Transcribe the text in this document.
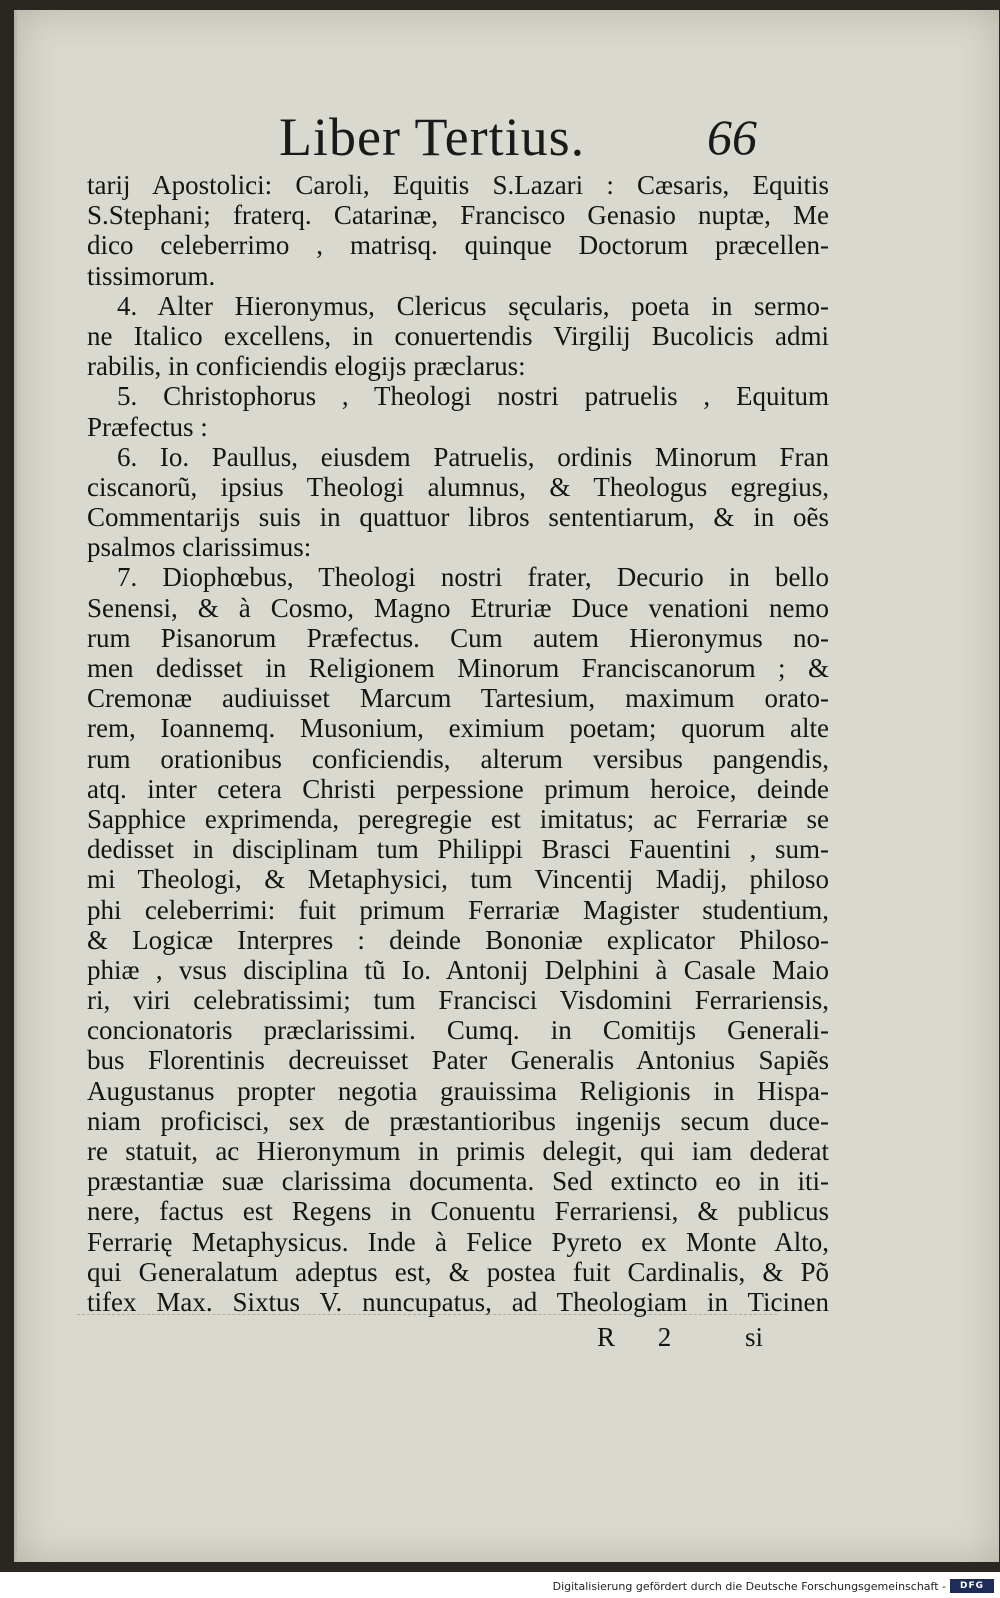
Liber Tertius. 66
tarij Apostolici: Caroli, Equitis S.Lazari : Cæsaris, Equitis
S.Stephani; fraterq. Catarinæ, Francisco Genasio nuptæ, Me
dico celeberrimo , matrisq. quinque Doctorum præcellen-
tissimorum.
4. Alter Hieronymus, Clericus sęcularis, poeta in sermo-
ne Italico excellens, in conuertendis Virgilij Bucolicis admi
rabilis, in conficiendis elogijs præclarus:
5. Christophorus , Theologi nostri patruelis , Equitum
Præfectus :
6. Io. Paullus, eiusdem Patruelis, ordinis Minorum Fran
ciscanorũ, ipsius Theologi alumnus, & Theologus egregius,
Commentarijs suis in quattuor libros sententiarum, & in oẽs
psalmos clarissimus:
7. Diophœbus, Theologi nostri frater, Decurio in bello
Senensi, & à Cosmo, Magno Etruriæ Duce venationi nemo
rum Pisanorum Præfectus. Cum autem Hieronymus no-
men dedisset in Religionem Minorum Franciscanorum ; &
Cremonæ audiuisset Marcum Tartesium, maximum orato-
rem, Ioannemq. Musonium, eximium poetam; quorum alte
rum orationibus conficiendis, alterum versibus pangendis,
atq. inter cetera Christi perpessione primum heroice, deinde
Sapphice exprimenda, peregregie est imitatus; ac Ferrariæ se
dedisset in disciplinam tum Philippi Brasci Fauentini , sum-
mi Theologi, & Metaphysici, tum Vincentij Madij, philoso
phi celeberrimi: fuit primum Ferrariæ Magister studentium,
& Logicæ Interpres : deinde Bononiæ explicator Philoso-
phiæ , vsus disciplina tũ Io. Antonij Delphini à Casale Maio
ri, viri celebratissimi; tum Francisci Visdomini Ferrariensis,
concionatoris præclarissimi. Cumq. in Comitijs Generali-
bus Florentinis decreuisset Pater Generalis Antonius Sapiẽs
Augustanus propter negotia grauissima Religionis in Hispa-
niam proficisci, sex de præstantioribus ingenijs secum duce-
re statuit, ac Hieronymum in primis delegit, qui iam dederat
præstantiæ suæ clarissima documenta. Sed extincto eo in iti-
nere, factus est Regens in Conuentu Ferrariensi, & publicus
Ferrarię Metaphysicus. Inde à Felice Pyreto ex Monte Alto,
qui Generalatum adeptus est, & postea fuit Cardinalis, & Põ
tifex Max. Sixtus V. nuncupatus, ad Theologiam in Ticinen
R 2 si
Digitalisierung gefördert durch die Deutsche Forschungsgemeinschaft -	DFG
